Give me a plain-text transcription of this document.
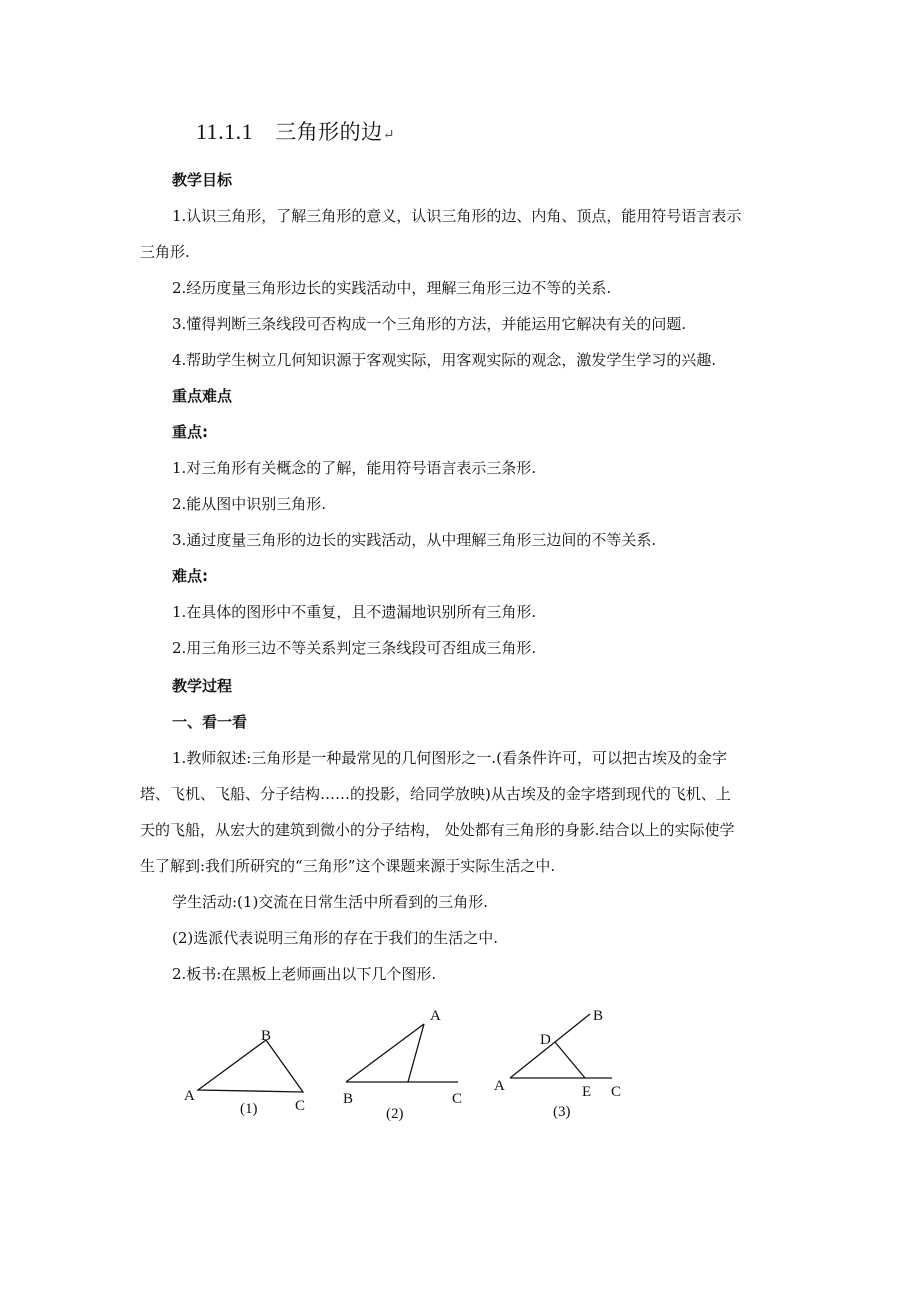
11.1.1 三角形的边↵
教学目标
1.认识三角形，了解三角形的意义，认识三角形的边、内角、顶点，能用符号语言表示
三角形.
2.经历度量三角形边长的实践活动中，理解三角形三边不等的关系.
3.懂得判断三条线段可否构成一个三角形的方法，并能运用它解决有关的问题.
4.帮助学生树立几何知识源于客观实际，用客观实际的观念，激发学生学习的兴趣.
重点难点
重点:
1.对三角形有关概念的了解，能用符号语言表示三条形.
2.能从图中识别三角形.
3.通过度量三角形的边长的实践活动，从中理解三角形三边间的不等关系.
难点:
1.在具体的图形中不重复，且不遗漏地识别所有三角形.
2.用三角形三边不等关系判定三条线段可否组成三角形.
教学过程
一、看一看
1.教师叙述:三角形是一种最常见的几何图形之一.(看条件许可，可以把古埃及的金字
塔、飞机、飞船、分子结构……的投影，给同学放映)从古埃及的金字塔到现代的飞机、上
天的飞船，从宏大的建筑到微小的分子结构， 处处都有三角形的身影.结合以上的实际使学
生了解到:我们所研究的“三角形”这个课题来源于实际生活之中.
学生活动:(1)交流在日常生活中所看到的三角形.
(2)选派代表说明三角形的存在于我们的生活之中.
2.板书:在黑板上老师画出以下几个图形.
A
B
C
(1)
A
B	C
(2)
A
B
C
D
E
(3)
